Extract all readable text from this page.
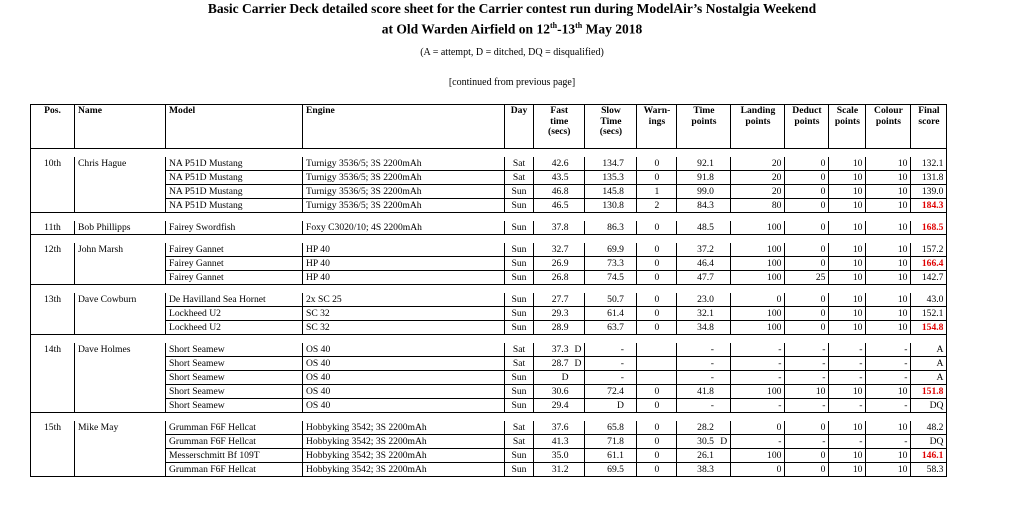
Basic Carrier Deck detailed score sheet for the Carrier contest run during ModelAir’s Nostalgia Weekend
at Old Warden Airfield on 12th-13th May 2018
(A = attempt, D = ditched, DQ = disqualified)
[continued from previous page]
Pos.	Name	Model	Engine	Day	Fast
time
(secs)		Slow
Time
(secs)		Warn-
ings	Time
points		Landing
points	Deduct
points	Scale
points	Colour
points	Final
score

10th	Chris Hague	NA P51D Mustang	Turnigy 3536/5; 3S 2200mAh	Sat	42.6		134.7		0	92.1		20	0	10	10	132.1
		NA P51D Mustang	Turnigy 3536/5; 3S 2200mAh	Sat	43.5		135.3		0	91.8		20	0	10	10	131.8
		NA P51D Mustang	Turnigy 3536/5; 3S 2200mAh	Sun	46.8		145.8		1	99.0		20	0	10	10	139.0
		NA P51D Mustang	Turnigy 3536/5; 3S 2200mAh	Sun	46.5		130.8		2	84.3		80	0	10	10	184.3

11th	Bob Phillipps	Fairey Swordfish	Foxy C3020/10; 4S 2200mAh	Sun	37.8		86.3		0	48.5		100	0	10	10	168.5

12th	John Marsh	Fairey Gannet	HP 40	Sun	32.7		69.9		0	37.2		100	0	10	10	157.2
		Fairey Gannet	HP 40	Sun	26.9		73.3		0	46.4		100	0	10	10	166.4
		Fairey Gannet	HP 40	Sun	26.8		74.5		0	47.7		100	25	10	10	142.7

13th	Dave Cowburn	De Havilland Sea Hornet	2x SC 25	Sun	27.7		50.7		0	23.0		0	0	10	10	43.0
		Lockheed U2	SC 32	Sun	29.3		61.4		0	32.1		100	0	10	10	152.1
		Lockheed U2	SC 32	Sun	28.9		63.7		0	34.8		100	0	10	10	154.8

14th	Dave Holmes	Short Seamew	OS 40	Sat	37.3	D	-			-		-	-	-	-	A
		Short Seamew	OS 40	Sat	28.7	D	-			-		-	-	-	-	A
		Short Seamew	OS 40	Sun	D		-			-		-	-	-	-	A
		Short Seamew	OS 40	Sun	30.6		72.4		0	41.8		100	10	10	10	151.8
		Short Seamew	OS 40	Sun	29.4		D		0	-		-	-	-	-	DQ

15th	Mike May	Grumman F6F Hellcat	Hobbyking 3542; 3S 2200mAh	Sat	37.6		65.8		0	28.2		0	0	10	10	48.2
		Grumman F6F Hellcat	Hobbyking 3542; 3S 2200mAh	Sat	41.3		71.8		0	30.5	D	-	-	-	-	DQ
		Messerschmitt Bf 109T	Hobbyking 3542; 3S 2200mAh	Sun	35.0		61.1		0	26.1		100	0	10	10	146.1
		Grumman F6F Hellcat	Hobbyking 3542; 3S 2200mAh	Sun	31.2		69.5		0	38.3		0	0	10	10	58.3
